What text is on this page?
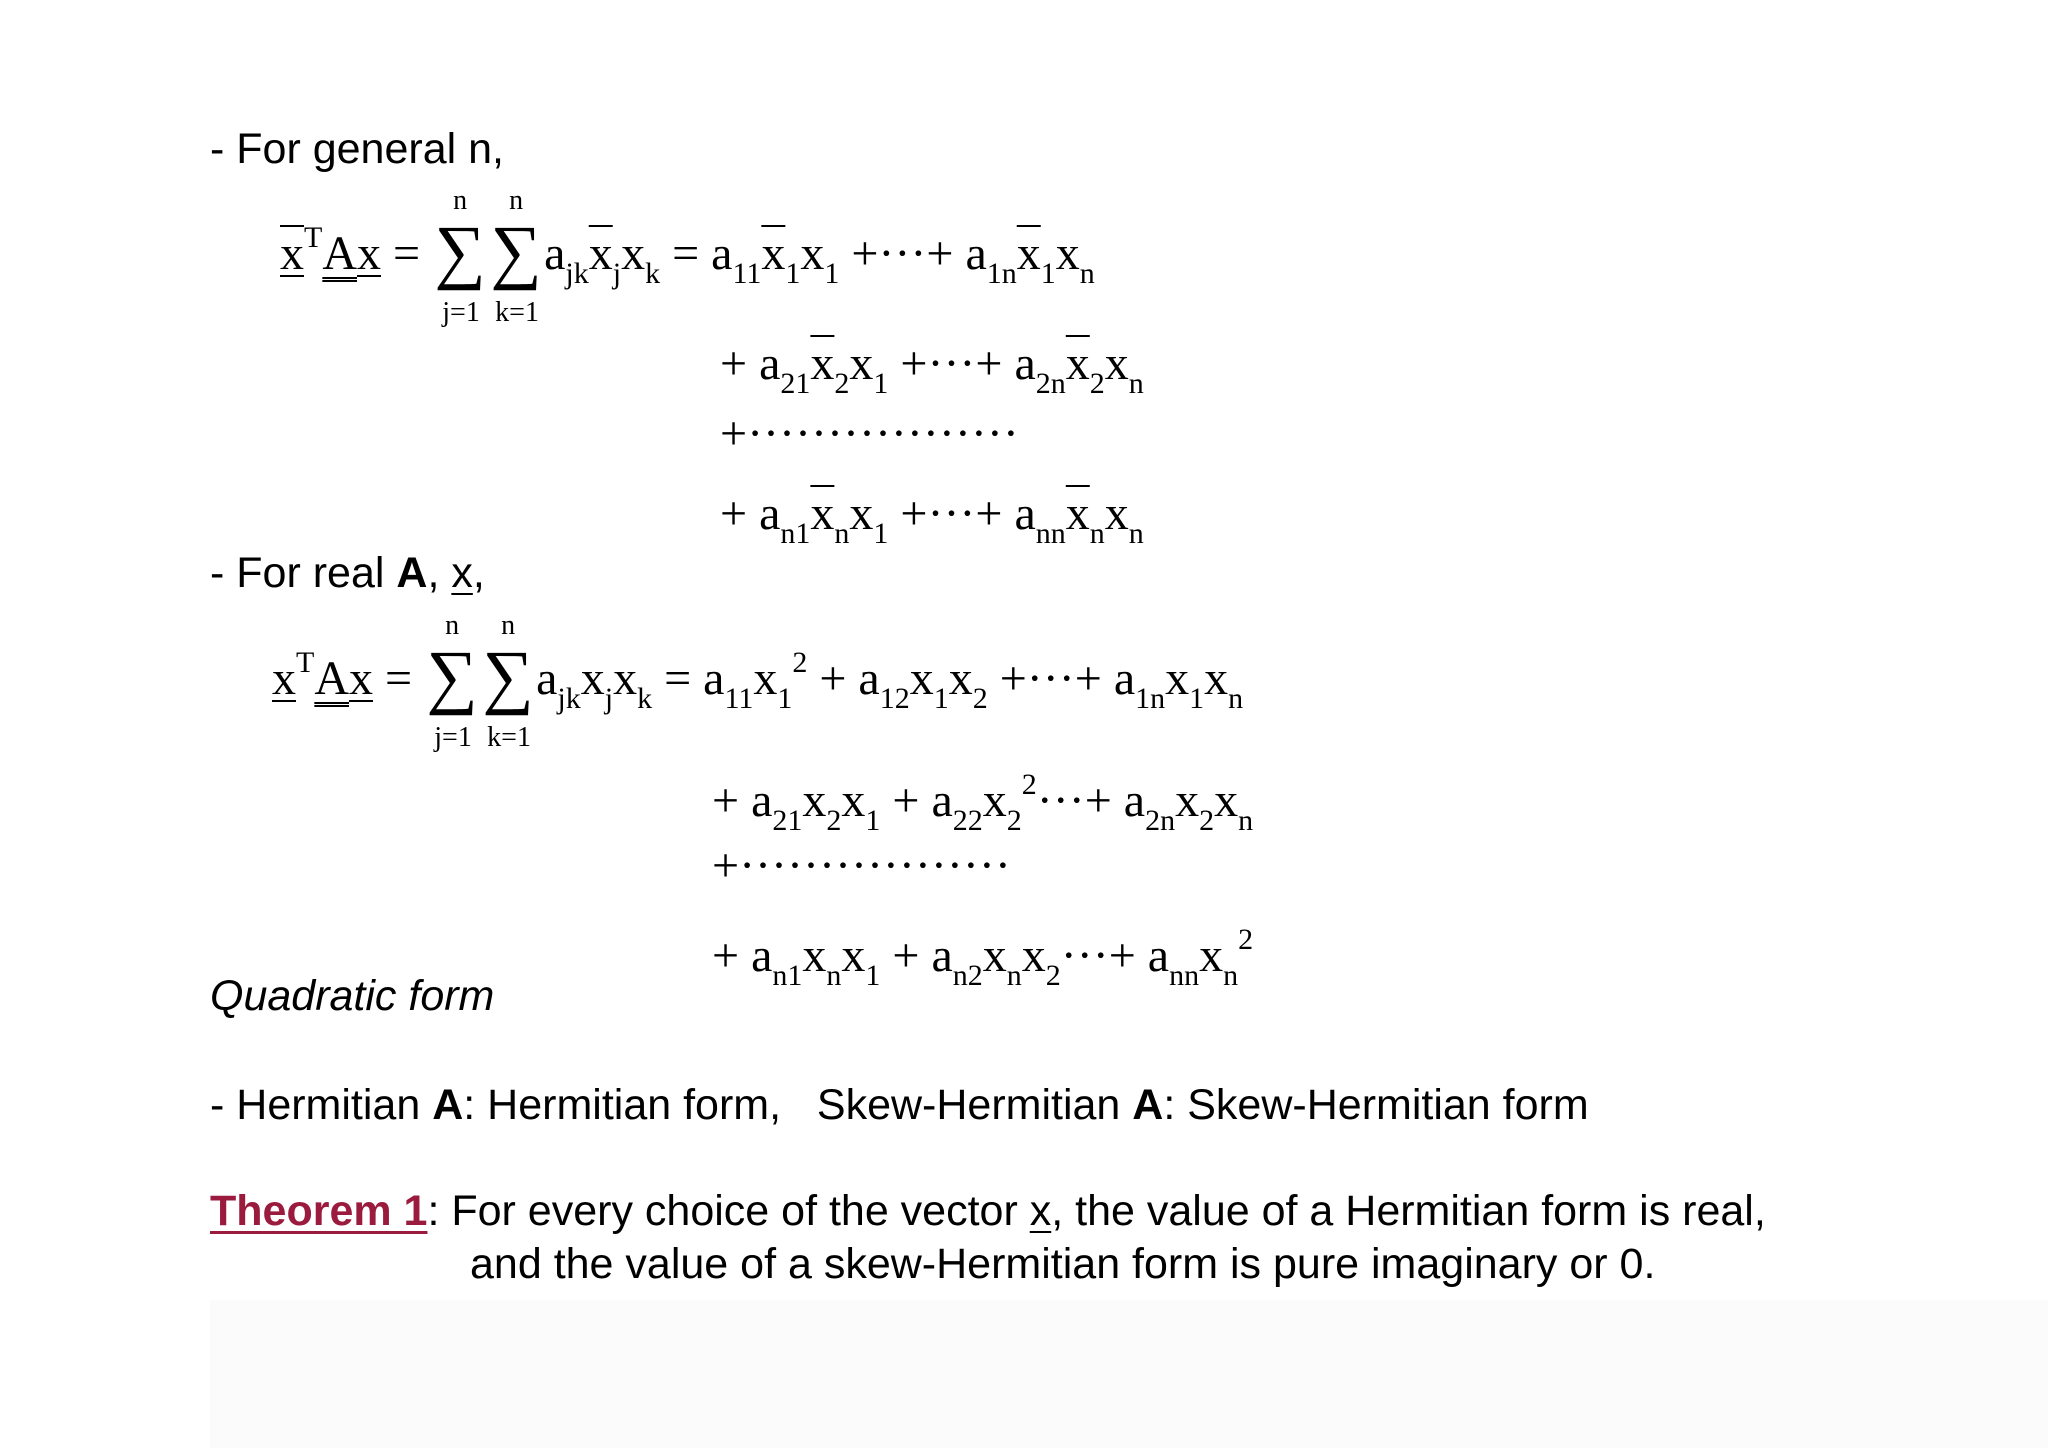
- For general n,
$x^TAx$ =
n
∑
j=1
n
∑
k=1
$a_{jk}\overline{x}_jx_k = a_{11}\overline{x}_1x_1$ +···+ $a_{1n}\overline{x}_1x_n$
+ $a_{21}\overline{x}_2x_1$ +···+ $a_{2n}\overline{x}_2x_n$
+·················
+ $a_{n1}\overline{x}_nx_1$ +···+ $a_{nn}\overline{x}_nx_n$
- For real A, x,
$x^TAx$ =
n
∑
j=1
n
∑
k=1
$a_{jk}x_jx_k = a_{11}x_1^2 + a_{12}x_1x_2$ +···+ $a_{1n}x_1x_n$
+ $a_{21}x_2x_1 + a_{22}x_2^2\cdot\cdot\cdot+ a_{2n}x_2x_n$
+·················
+ $a_{n1}x_nx_1 + a_{n2}x_nx_2\cdot\cdot\cdot+ a_{nn}x_n^2$
Quadratic form
- Hermitian A: Hermitian form,   Skew-Hermitian A: Skew-Hermitian form
Theorem 1: For every choice of the vector x, the value of a Hermitian form is real,
and the value of a skew-Hermitian form is pure imaginary or 0.
